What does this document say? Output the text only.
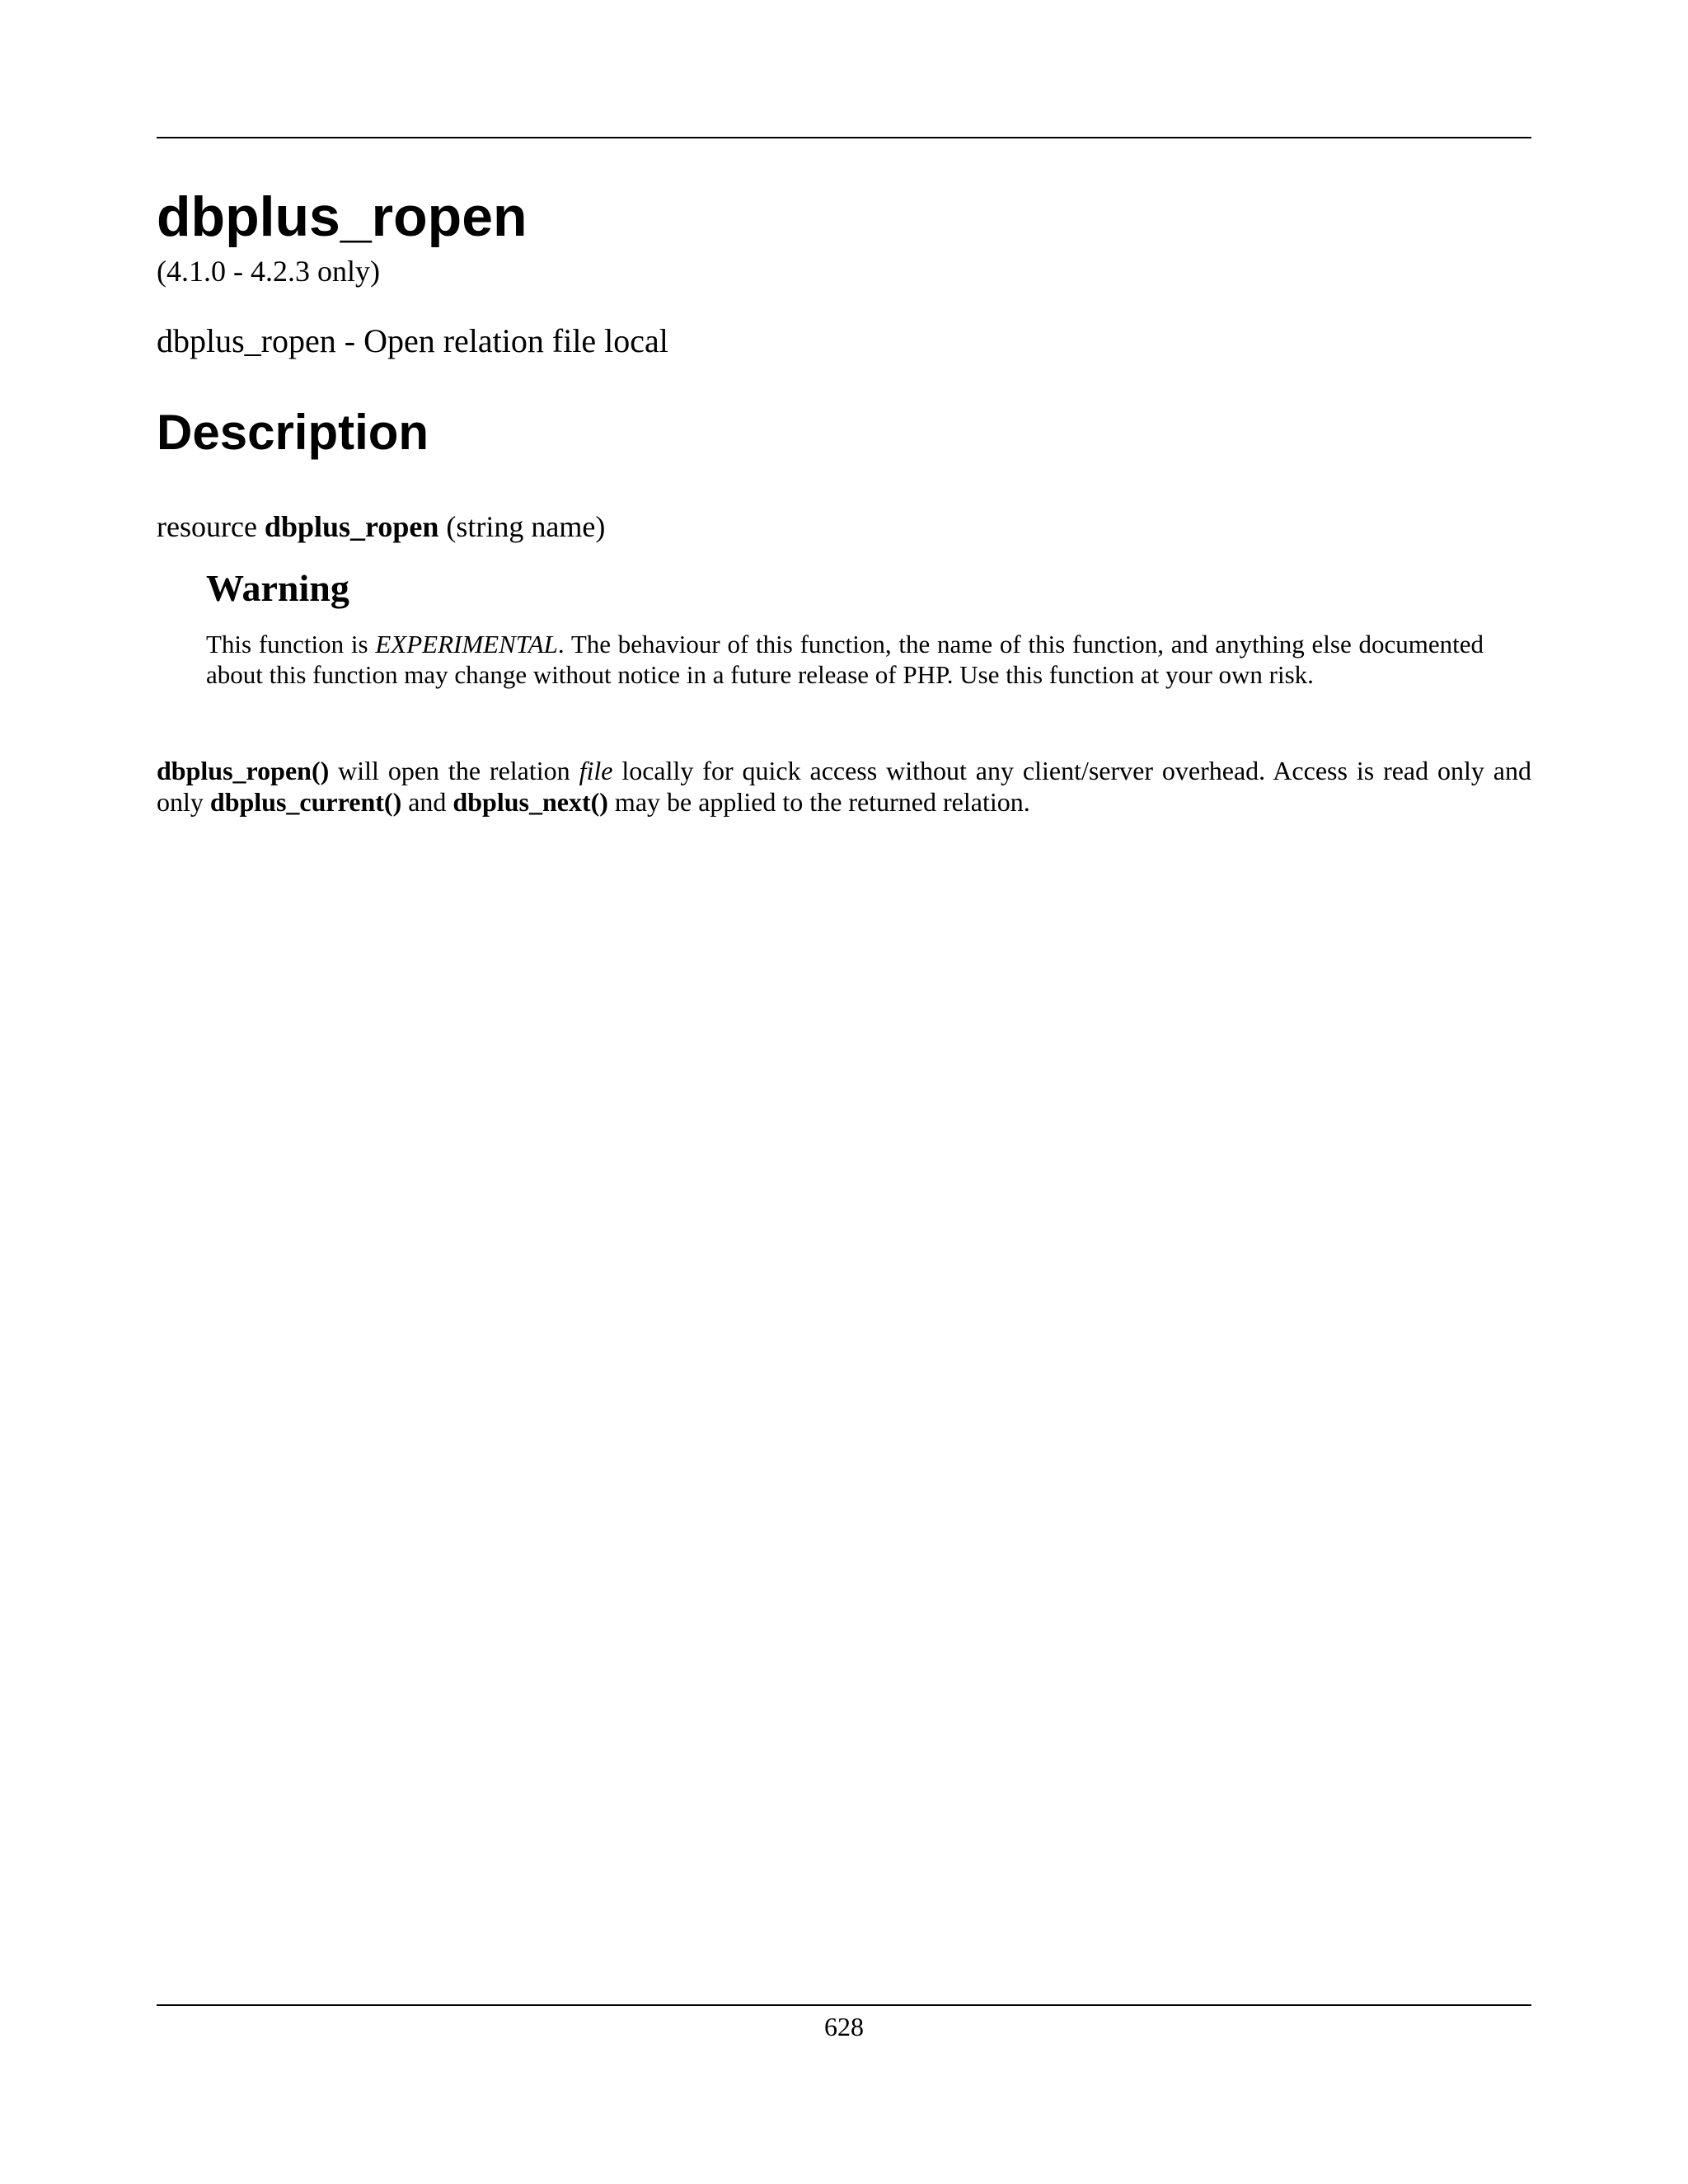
dbplus_ropen
(4.1.0 - 4.2.3 only)
dbplus_ropen - Open relation file local
Description
resource dbplus_ropen (string name)
Warning

This function is EXPERIMENTAL. The behaviour of this function, the name of this function, and anything else documented about this function may change without notice in a future release of PHP. Use this function at your own risk.

dbplus_ropen() will open the relation file locally for quick access without any client/server overhead. Access is read only and only dbplus_current() and dbplus_next() may be applied to the returned relation.

628
